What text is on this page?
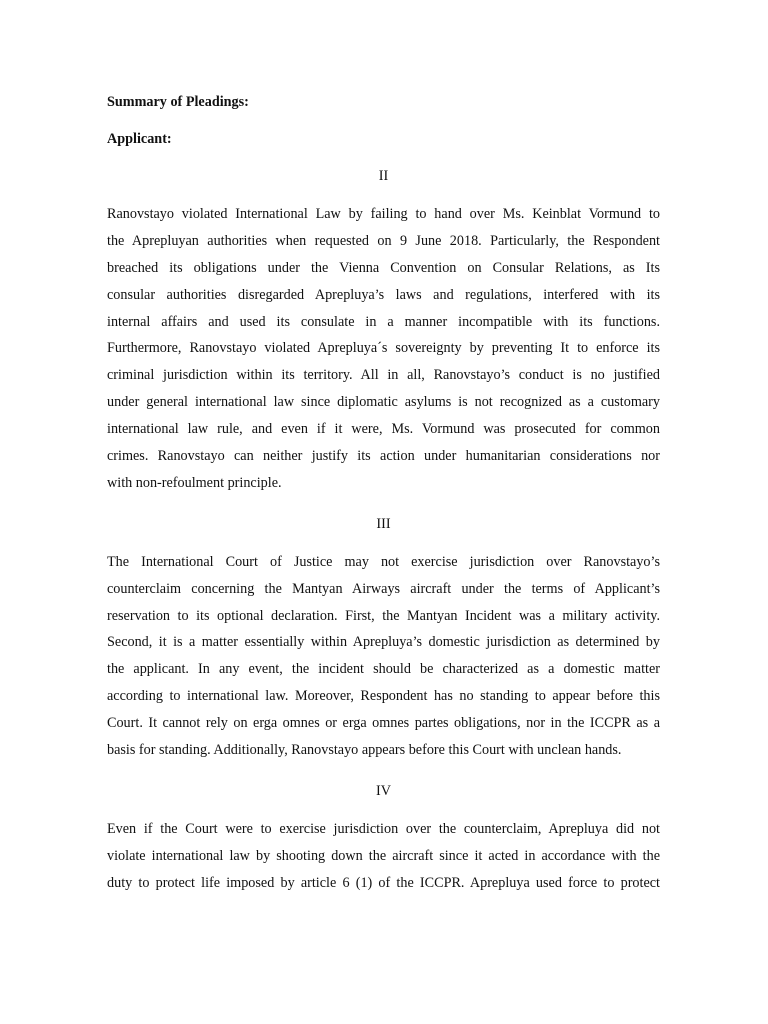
Summary of Pleadings:
Applicant:
II
Ranovstayo violated International Law by failing to hand over Ms. Keinblat Vormund to
the Aprepluyan authorities when requested on 9 June 2018. Particularly, the Respondent
breached its obligations under the Vienna Convention on Consular Relations, as Its
consular authorities disregarded Aprepluya’s laws and regulations, interfered with its
internal affairs and used its consulate in a manner incompatible with its functions.
Furthermore, Ranovstayo violated Aprepluya´s sovereignty by preventing It to enforce its
criminal jurisdiction within its territory. All in all, Ranovstayo’s conduct is no justified
under general international law since diplomatic asylums is not recognized as a customary
international law rule, and even if it were, Ms. Vormund was prosecuted for common
crimes. Ranovstayo can neither justify its action under humanitarian considerations nor
with non-refoulment principle.
III
The International Court of Justice may not exercise jurisdiction over Ranovstayo’s
counterclaim concerning the Mantyan Airways aircraft under the terms of Applicant’s
reservation to its optional declaration. First, the Mantyan Incident was a military activity.
Second, it is a matter essentially within Aprepluya’s domestic jurisdiction as determined by
the applicant. In any event, the incident should be characterized as a domestic matter
according to international law. Moreover, Respondent has no standing to appear before this
Court. It cannot rely on erga omnes or erga omnes partes obligations, nor in the ICCPR as a
basis for standing. Additionally, Ranovstayo appears before this Court with unclean hands.
IV
Even if the Court were to exercise jurisdiction over the counterclaim, Aprepluya did not
violate international law by shooting down the aircraft since it acted in accordance with the
duty to protect life imposed by article 6 (1) of the ICCPR. Aprepluya used force to protect
